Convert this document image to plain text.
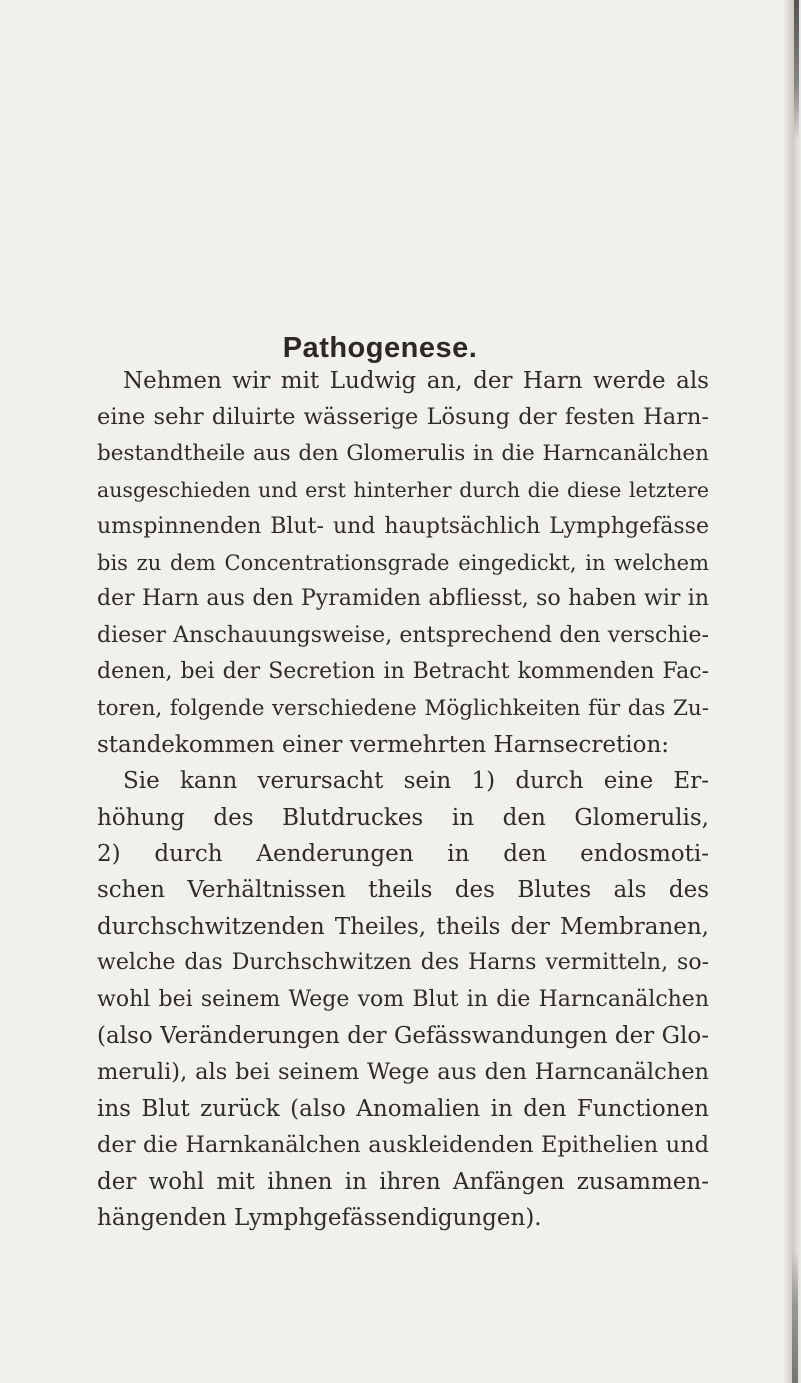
Pathogenese.
Nehmen wir mit Ludwig an, der Harn werde als
eine sehr diluirte wässerige Lösung der festen Harn-
bestandtheile aus den Glomerulis in die Harncanälchen
ausgeschieden und erst hinterher durch die diese letztere
umspinnenden Blut- und hauptsächlich Lymphgefässe
bis zu dem Concentrationsgrade eingedickt, in welchem
der Harn aus den Pyramiden abfliesst, so haben wir in
dieser Anschauungsweise, entsprechend den verschie-
denen, bei der Secretion in Betracht kommenden Fac-
toren, folgende verschiedene Möglichkeiten für das Zu-
standekommen einer vermehrten Harnsecretion:
Sie kann verursacht sein 1) durch eine Er-
höhung des Blutdruckes in den Glomerulis,
2) durch Aenderungen in den endosmoti-
schen Verhältnissen theils des Blutes als des
durchschwitzenden Theiles, theils der Membranen,
welche das Durchschwitzen des Harns vermitteln, so-
wohl bei seinem Wege vom Blut in die Harncanälchen
(also Veränderungen der Gefässwandungen der Glo-
meruli), als bei seinem Wege aus den Harncanälchen
ins Blut zurück (also Anomalien in den Functionen
der die Harnkanälchen auskleidenden Epithelien und
der wohl mit ihnen in ihren Anfängen zusammen-
hängenden Lymphgefässendigungen).
